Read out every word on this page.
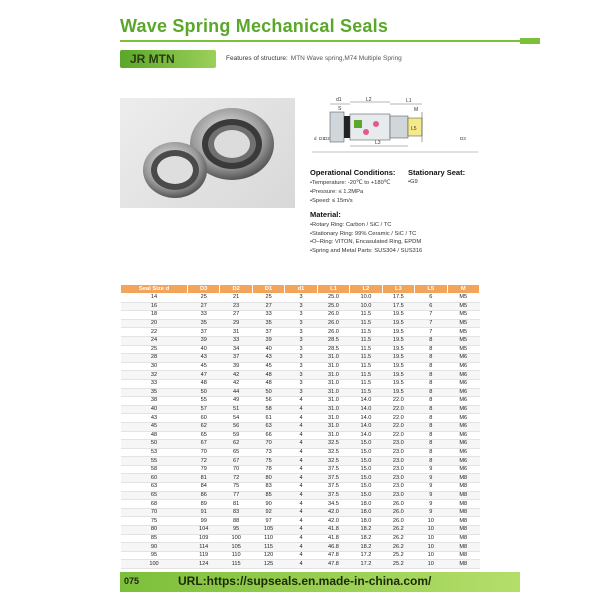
Wave Spring Mechanical Seals
JR MTN	Features of structure: MTN Wave spring,M74 Multiple Spring
d1
S
L2	L1
M
L3
L5
d D1 D2	D3
Operational Conditions:
•Temperature: -20℃ to +180℃
•Pressure: ≤ 1.2MPa
•Speed: ≤ 15m/s
Stationary Seat:
•G9
Material:
•Rotary Ring: Carbon / SiC / TC
•Stationary Ring: 99% Ceramic / SiC / TC
•O–Ring: VITON, Encasulated Ring, EPDM
•Spring and Metal Parts: SUS304 / SUS316
Seal Size d	D3	D2	D1	d1	L1	L2	L3	L5	M
14	25	21	25	3	25.0	10.0	17.5	6	M5
16	27	23	27	3	25.0	10.0	17.5	6	M5
18	33	27	33	3	26.0	11.5	19.5	7	M5
20	35	29	35	3	26.0	11.5	19.5	7	M5
22	37	31	37	3	26.0	11.5	19.5	7	M5
24	39	33	39	3	28.5	11.5	19.5	8	M5
25	40	34	40	3	28.5	11.5	19.5	8	M5
28	43	37	43	3	31.0	11.5	19.5	8	M6
30	45	39	45	3	31.0	11.5	19.5	8	M6
32	47	42	48	3	31.0	11.5	19.5	8	M6
33	48	42	48	3	31.0	11.5	19.5	8	M6
35	50	44	50	3	31.0	11.5	19.5	8	M6
38	55	49	56	4	31.0	14.0	22.0	8	M6
40	57	51	58	4	31.0	14.0	22.0	8	M6
43	60	54	61	4	31.0	14.0	22.0	8	M6
45	62	56	63	4	31.0	14.0	22.0	8	M6
48	65	59	66	4	31.0	14.0	22.0	8	M6
50	67	62	70	4	32.5	15.0	23.0	8	M6
53	70	65	73	4	32.5	15.0	23.0	8	M6
55	72	67	75	4	32.5	15.0	23.0	8	M6
58	79	70	78	4	37.5	15.0	23.0	9	M6
60	81	72	80	4	37.5	15.0	23.0	9	M8
63	84	75	83	4	37.5	15.0	23.0	9	M8
65	86	77	85	4	37.5	15.0	23.0	9	M8
68	89	81	90	4	34.5	18.0	26.0	9	M8
70	91	83	92	4	42.0	18.0	26.0	9	M8
75	99	88	97	4	42.0	18.0	26.0	10	M8
80	104	95	105	4	41.8	18.2	26.2	10	M8
85	109	100	110	4	41.8	18.2	26.2	10	M8
90	114	105	115	4	46.8	18.2	26.2	10	M8
95	119	110	120	4	47.8	17.2	25.2	10	M8
100	124	115	125	4	47.8	17.2	25.2	10	M8
075	URL:https://supseals.en.made-in-china.com/
